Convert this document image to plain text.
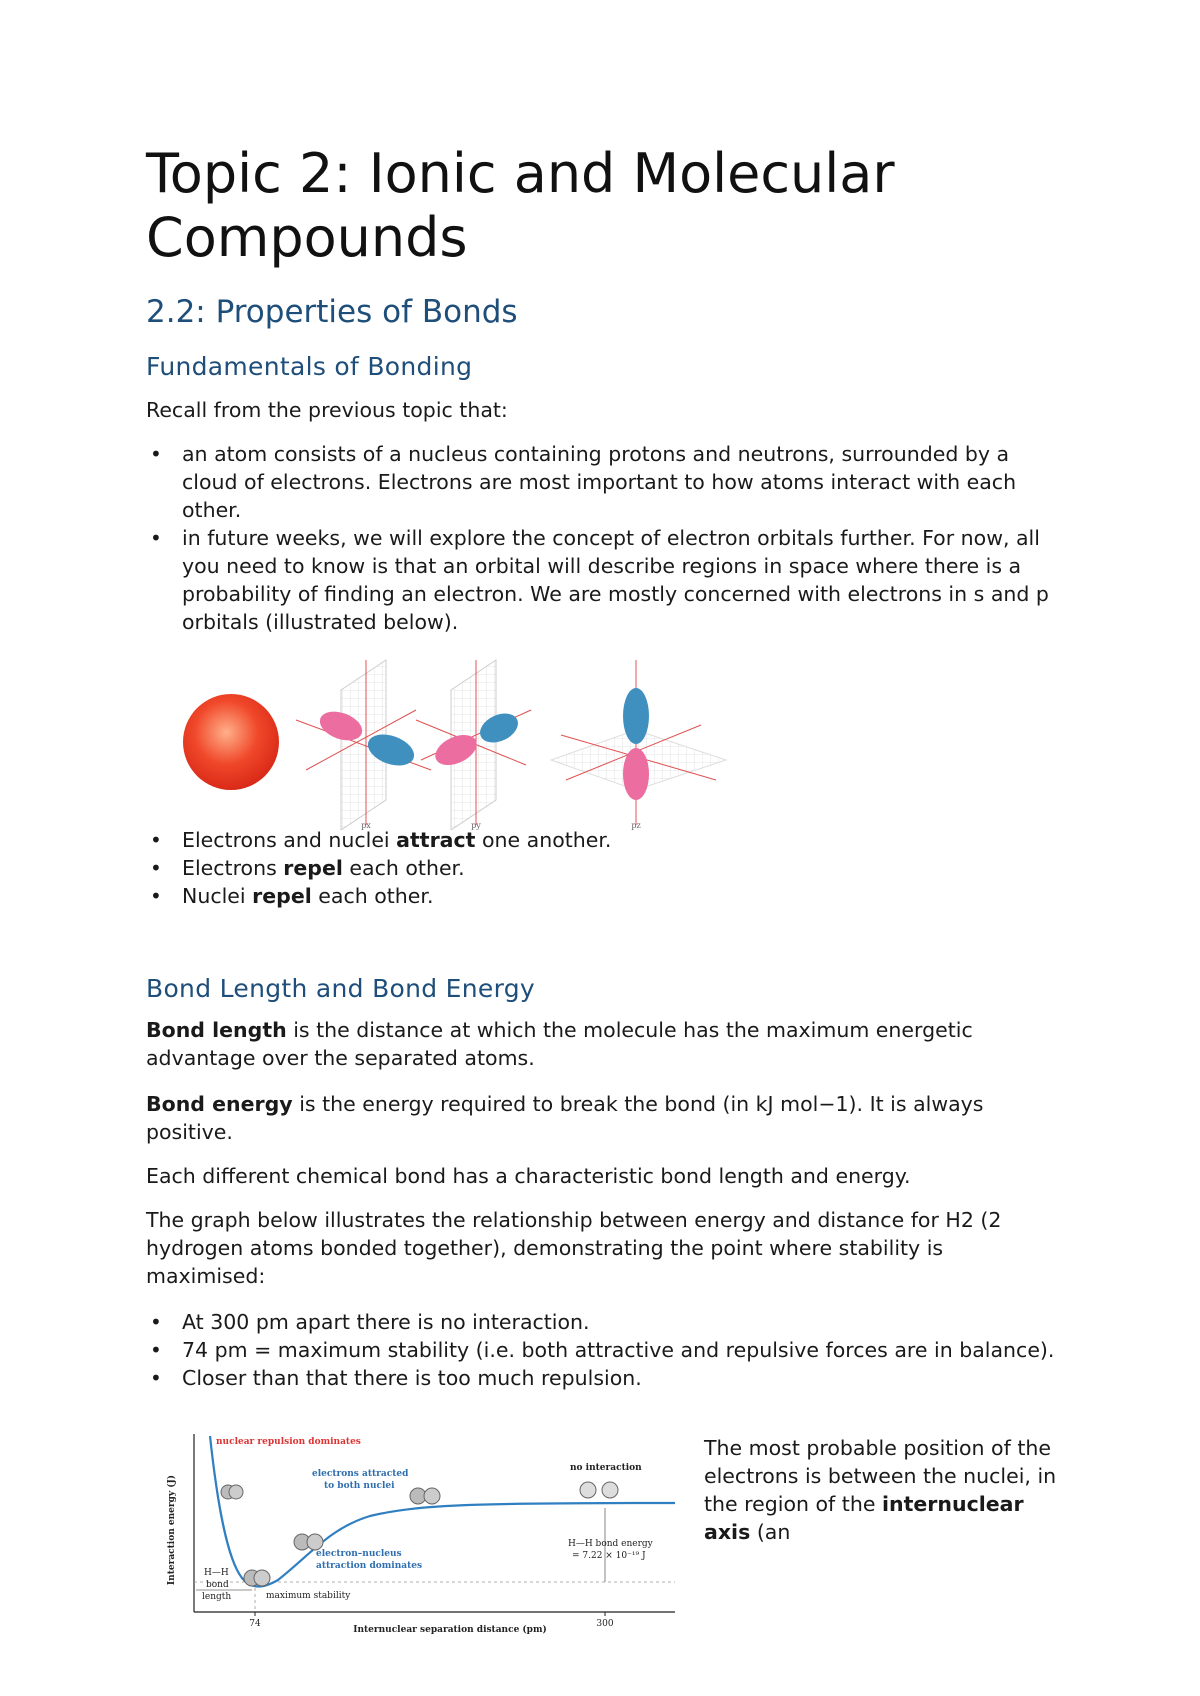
Topic 2: Ionic and Molecular Compounds
2.2: Properties of Bonds
Fundamentals of Bonding

Recall from the previous topic that:

• an atom consists of a nucleus containing protons and neutrons, surrounded by a cloud of electrons. Electrons are most important to how atoms interact with each other.
• in future weeks, we will explore the concept of electron orbitals further. For now, all you need to know is that an orbital will describe regions in space where there is a probability of finding an electron. We are mostly concerned with electrons in s and p orbitals (illustrated below).
px	py	pz
• Electrons and nuclei attract one another.
• Electrons repel each other.
• Nuclei repel each other.
Bond Length and Bond Energy

Bond length is the distance at which the molecule has the maximum energetic advantage over the separated atoms.

Bond energy is the energy required to break the bond (in kJ mol−1). It is always positive.

Each different chemical bond has a characteristic bond length and energy.

The graph below illustrates the relationship between energy and distance for H2 (2 hydrogen atoms bonded together), demonstrating the point where stability is maximised:

• At 300 pm apart there is no interaction.
• 74 pm = maximum stability (i.e. both attractive and repulsive forces are in balance).
• Closer than that there is too much repulsion.
Interaction energy (J)
Internuclear separation distance (pm)
74	300
nuclear repulsion dominates
electrons attracted
to both nuclei
electron–nucleus
attraction dominates
no interaction
H—H bond energy
= 7.22 × 10⁻¹⁹ J
H—H
bond
length	maximum stability

The most probable position of the electrons is between the nuclei, in the region of the internuclear axis (an
